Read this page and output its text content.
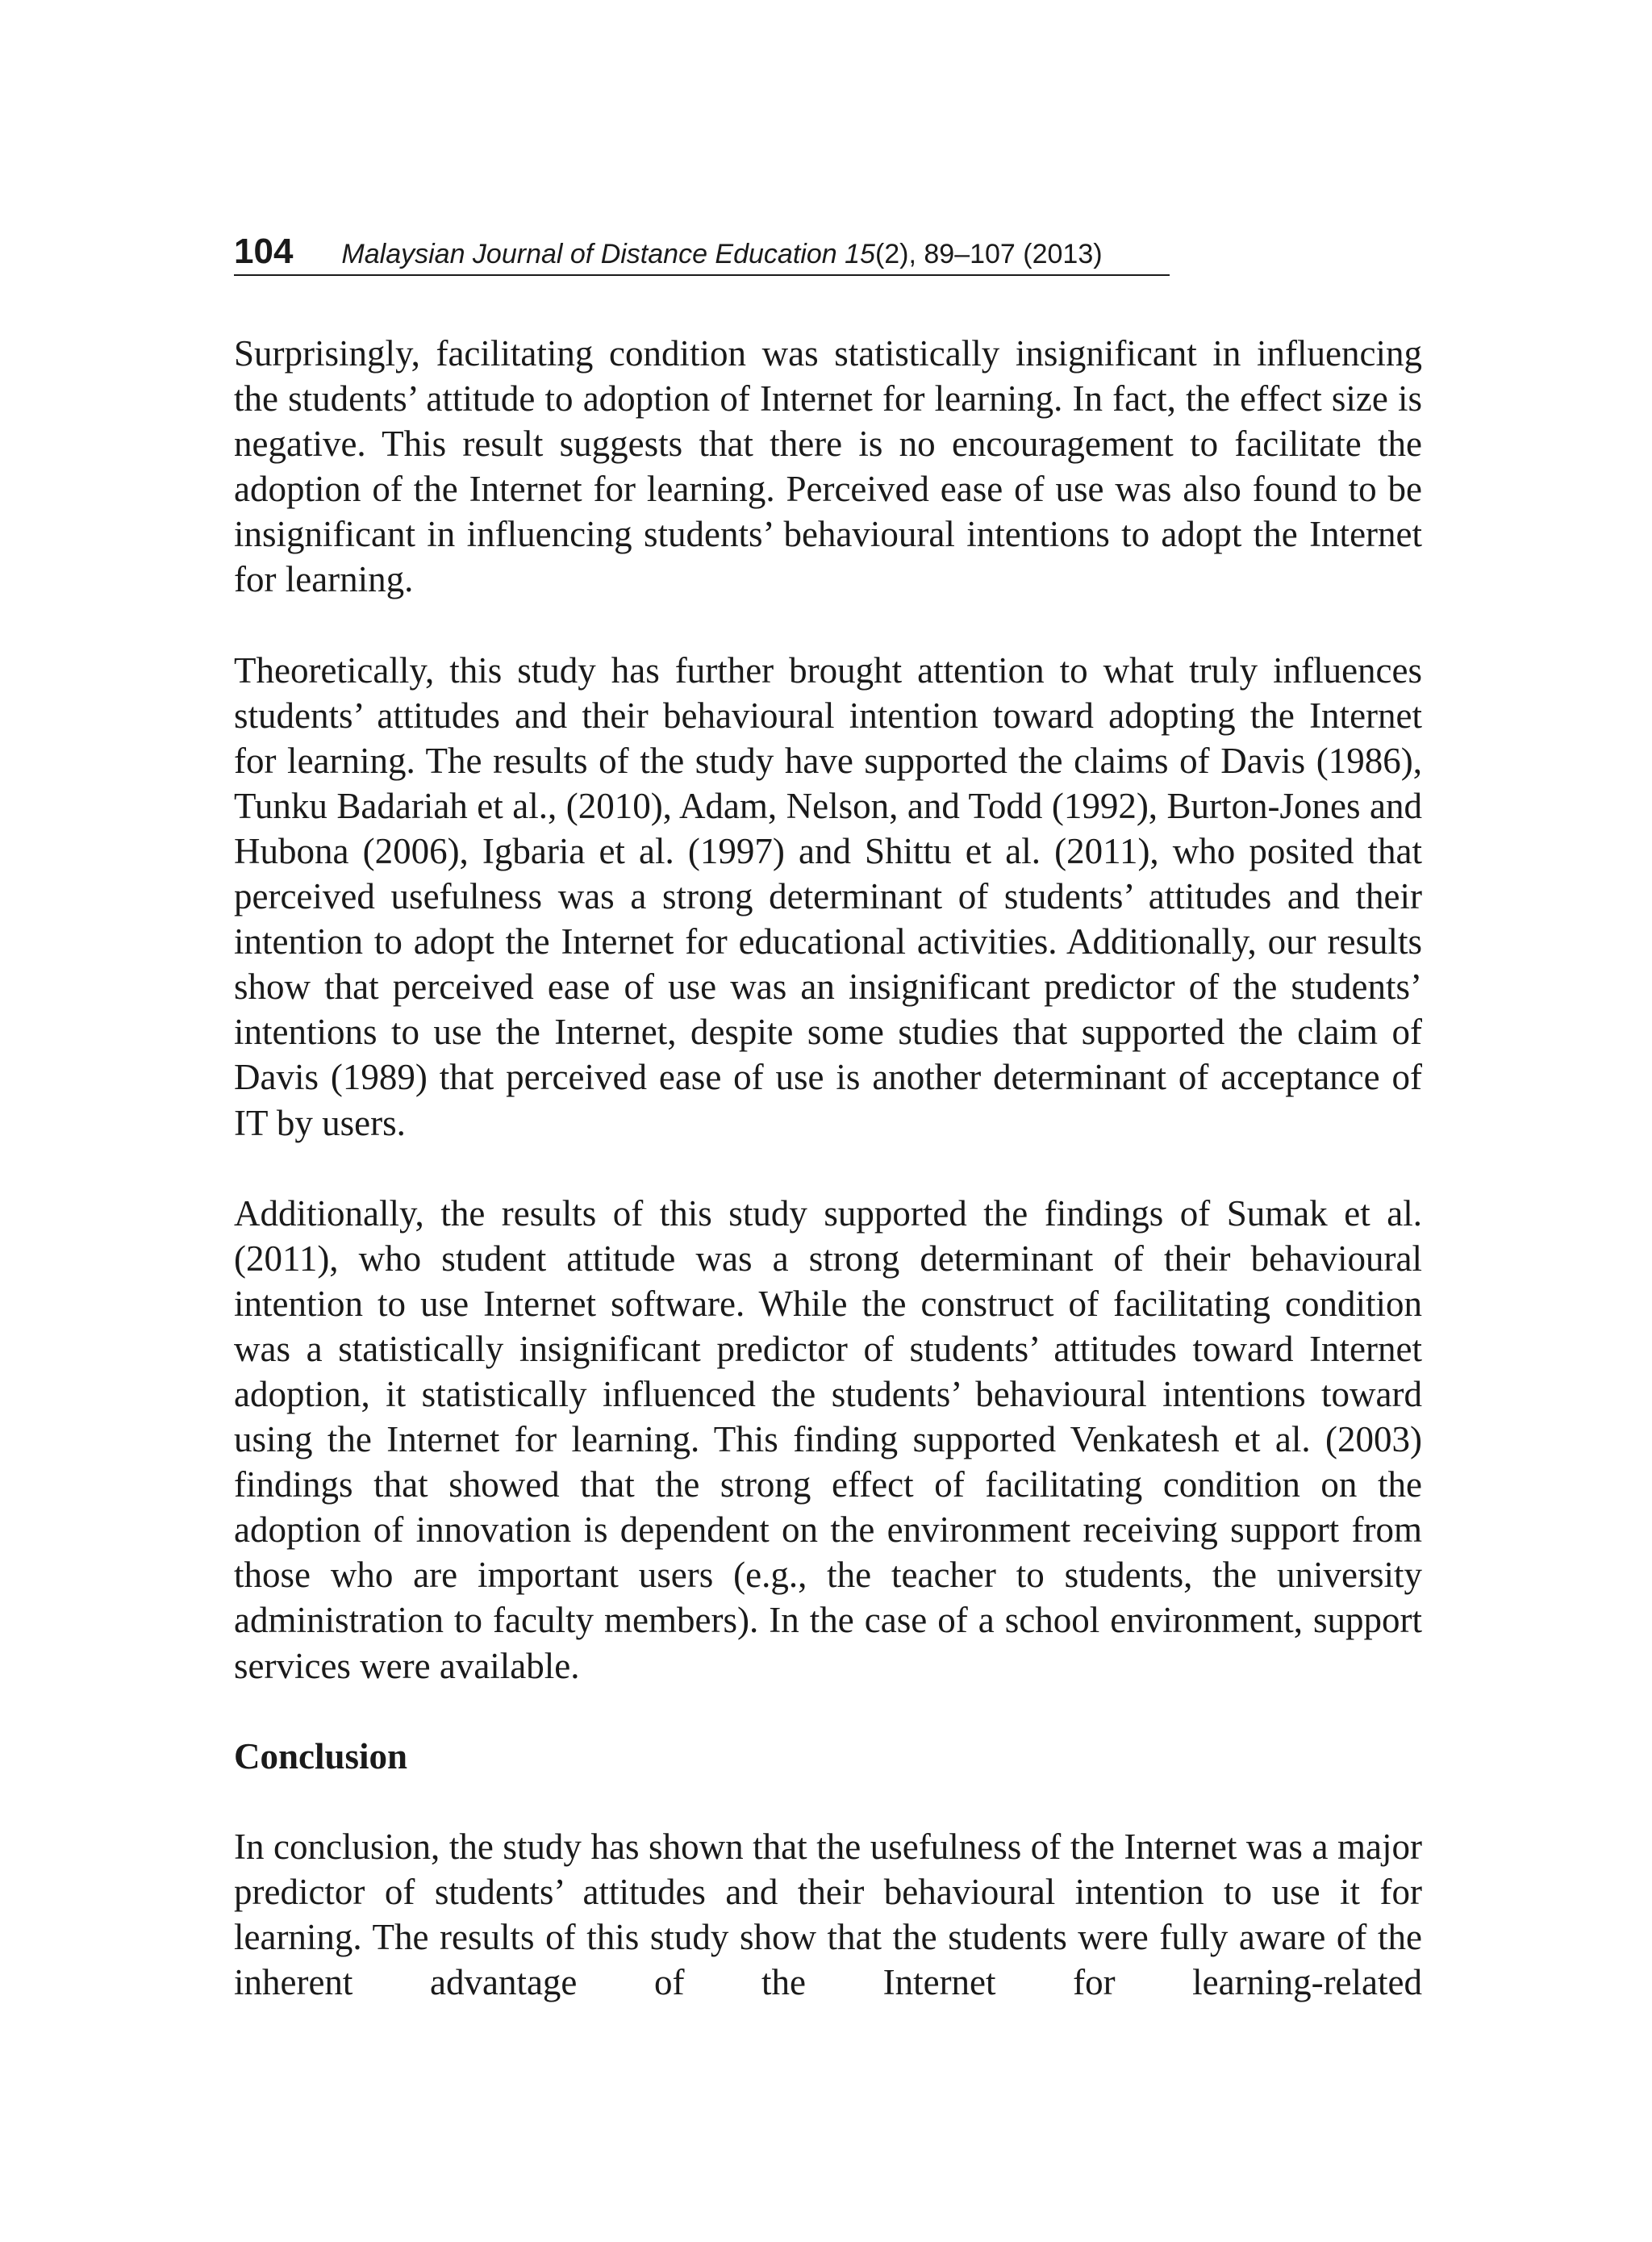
104 Malaysian Journal of Distance Education 15(2), 89–107 (2013)

Surprisingly, facilitating condition was statistically insignificant in influencing the students’ attitude to adoption of Internet for learning. In fact, the effect size is negative. This result suggests that there is no encouragement to facilitate the adoption of the Internet for learning. Perceived ease of use was also found to be insignificant in influencing students’ behavioural intentions to adopt the Internet for learning.

Theoretically, this study has further brought attention to what truly influences students’ attitudes and their behavioural intention toward adopting the Internet for learning. The results of the study have supported the claims of Davis (1986), Tunku Badariah et al., (2010), Adam, Nelson, and Todd (1992), Burton-Jones and Hubona (2006), Igbaria et al. (1997) and Shittu et al. (2011), who posited that perceived usefulness was a strong determinant of students’ attitudes and their intention to adopt the Internet for educational activities. Additionally, our results show that perceived ease of use was an insignificant predictor of the students’ intentions to use the Internet, despite some studies that supported the claim of Davis (1989) that perceived ease of use is another determinant of acceptance of IT by users.

Additionally, the results of this study supported the findings of Sumak et al. (2011), who student attitude was a strong determinant of their behavioural intention to use Internet software. While the construct of facilitating condition was a statistically insignificant predictor of students’ attitudes toward Internet adoption, it statistically influenced the students’ behavioural intentions toward using the Internet for learning. This finding supported Venkatesh et al. (2003) findings that showed that the strong effect of facilitating condition on the adoption of innovation is dependent on the environment receiving support from those who are important users (e.g., the teacher to students, the university administration to faculty members). In the case of a school environment, support services were available.

Conclusion

In conclusion, the study has shown that the usefulness of the Internet was a major predictor of students’ attitudes and their behavioural intention to use it for learning. The results of this study show that the students were fully aware of the inherent advantage of the Internet for learning-related
